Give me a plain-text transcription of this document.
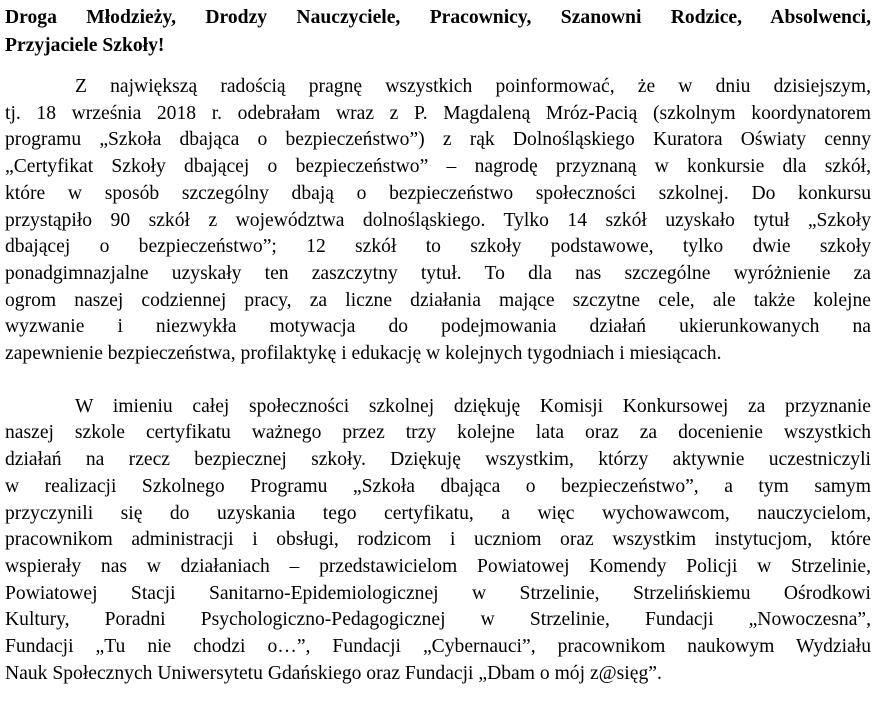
Droga Młodzieży, Drodzy Nauczyciele, Pracownicy, Szanowni Rodzice, Absolwenci,
Przyjaciele Szkoły!

Z największą radością pragnę wszystkich poinformować, że w dniu dzisiejszym,
tj. 18 września 2018 r. odebrałam wraz z P. Magdaleną Mróz-Pacią (szkolnym koordynatorem
programu „Szkoła dbająca o bezpieczeństwo”) z rąk Dolnośląskiego Kuratora Oświaty cenny
„Certyfikat Szkoły dbającej o bezpieczeństwo” – nagrodę przyznaną w konkursie dla szkół,
które w sposób szczególny dbają o bezpieczeństwo społeczności szkolnej. Do konkursu
przystąpiło 90 szkół z województwa dolnośląskiego. Tylko 14 szkół uzyskało tytuł „Szkoły
dbającej o bezpieczeństwo”; 12 szkół to szkoły podstawowe, tylko dwie szkoły
ponadgimnazjalne uzyskały ten zaszczytny tytuł. To dla nas szczególne wyróżnienie za
ogrom naszej codziennej pracy, za liczne działania mające szczytne cele, ale także kolejne
wyzwanie i niezwykła motywacja do podejmowania działań ukierunkowanych na
zapewnienie bezpieczeństwa, profilaktykę i edukację w kolejnych tygodniach i miesiącach.

W imieniu całej społeczności szkolnej dziękuję Komisji Konkursowej za przyznanie
naszej szkole certyfikatu ważnego przez trzy kolejne lata oraz za docenienie wszystkich
działań na rzecz bezpiecznej szkoły. Dziękuję wszystkim, którzy aktywnie uczestniczyli
w realizacji Szkolnego Programu „Szkoła dbająca o bezpieczeństwo”, a tym samym
przyczynili się do uzyskania tego certyfikatu, a więc wychowawcom, nauczycielom,
pracownikom administracji i obsługi, rodzicom i uczniom oraz wszystkim instytucjom, które
wspierały nas w działaniach – przedstawicielom Powiatowej Komendy Policji w Strzelinie,
Powiatowej Stacji Sanitarno-Epidemiologicznej w Strzelinie, Strzelińskiemu Ośrodkowi
Kultury, Poradni Psychologiczno-Pedagogicznej w Strzelinie, Fundacji „Nowoczesna”,
Fundacji „Tu nie chodzi o…”, Fundacji „Cybernauci”, pracownikom naukowym Wydziału
Nauk Społecznych Uniwersytetu Gdańskiego oraz Fundacji „Dbam o mój z@sięg”.
